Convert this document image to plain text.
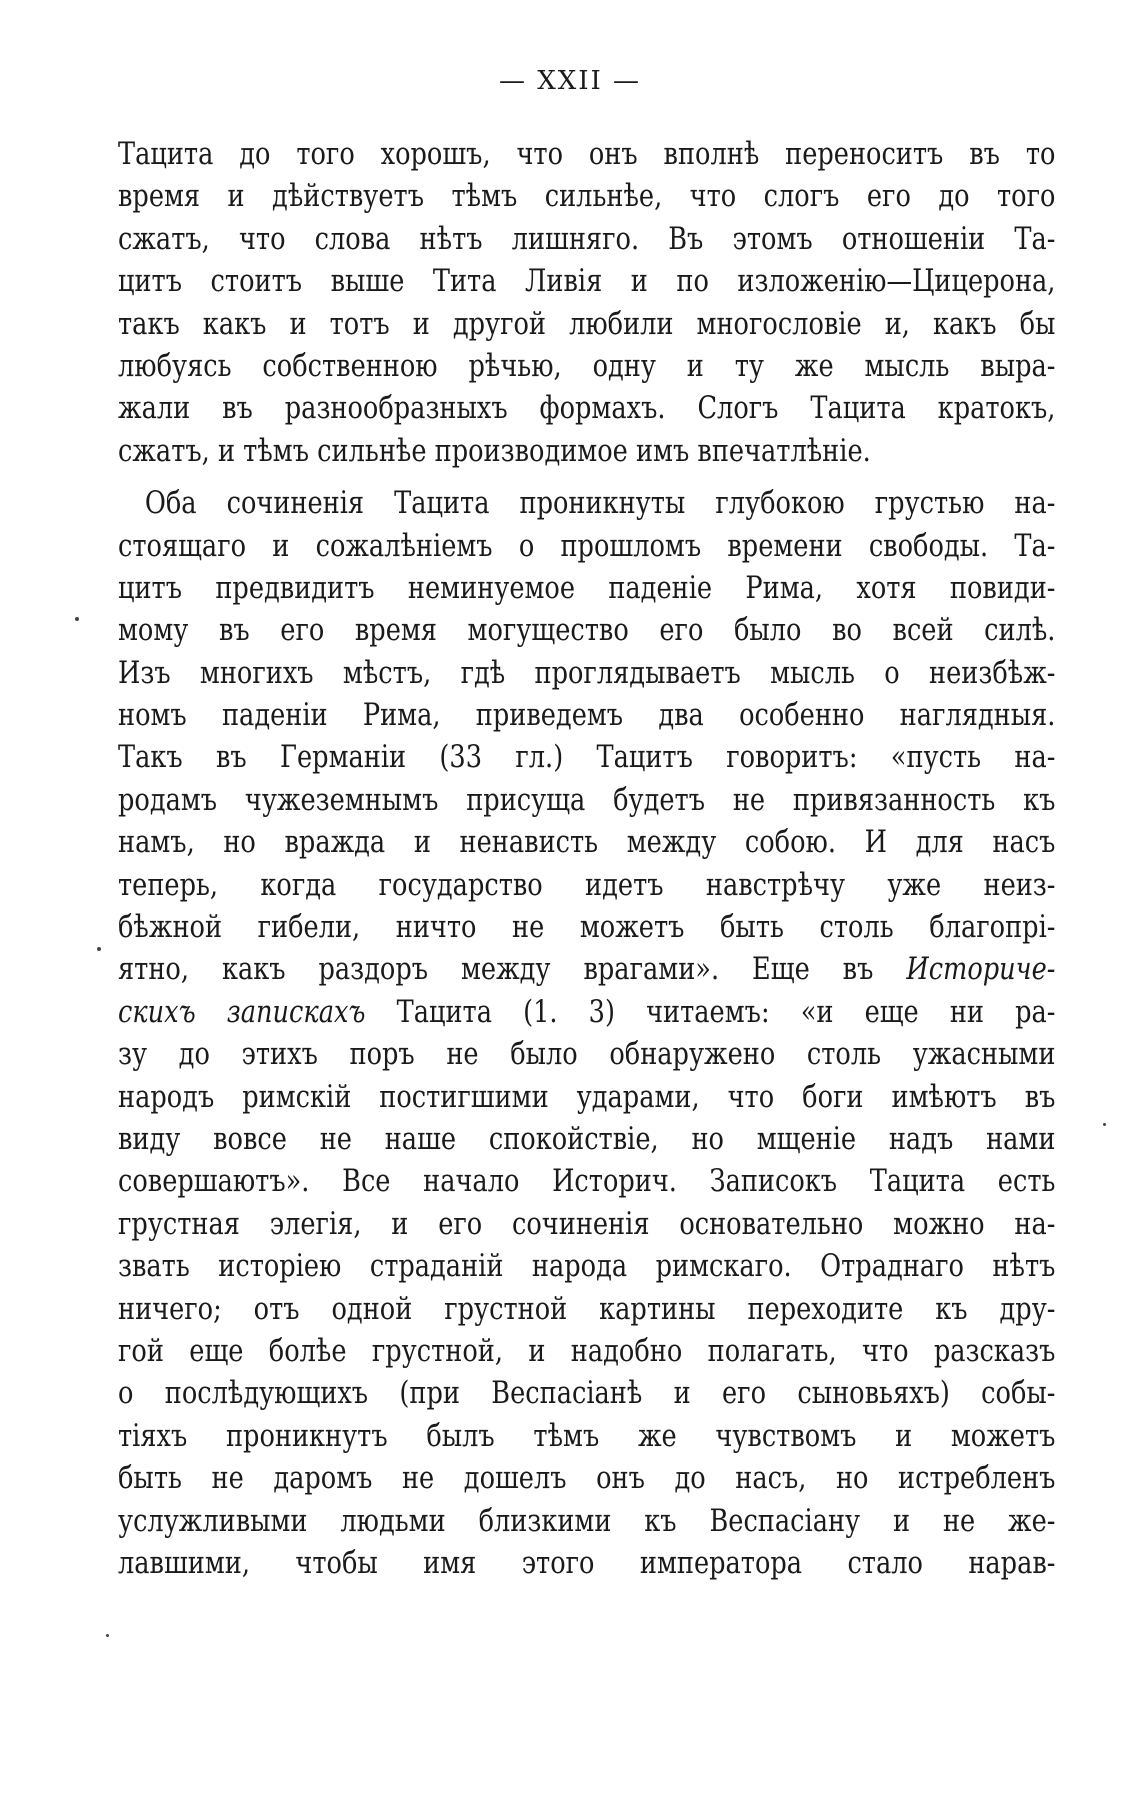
— XXII —
Тацита до того хорошъ, что онъ вполнѣ переноситъ въ то
время и дѣйствуетъ тѣмъ сильнѣе, что слогъ его до того
сжатъ, что слова нѣтъ лишняго. Въ этомъ отношеніи Та-
цитъ стоитъ выше Тита Ливія и по изложенію—Цицерона,
такъ какъ и тотъ и другой любили многословіе и, какъ бы
любуясь собственною рѣчью, одну и ту же мысль выра-
жали въ разнообразныхъ формахъ. Слогъ Тацита кратокъ,
сжатъ, и тѣмъ сильнѣе производимое имъ впечатлѣніе.
Оба сочиненія Тацита проникнуты глубокою грустью на-
стоящаго и сожалѣніемъ о прошломъ времени свободы. Та-
цитъ предвидитъ неминуемое паденіе Рима, хотя повиди-
мому въ его время могущество его было во всей силѣ.
Изъ многихъ мѣстъ, гдѣ проглядываетъ мысль о неизбѣж-
номъ паденіи Рима, приведемъ два особенно наглядныя.
Такъ въ Германіи (33 гл.) Тацитъ говоритъ: «пусть на-
родамъ чужеземнымъ присуща будетъ не привязанность къ
намъ, но вражда и ненависть между собою. И для насъ
теперь, когда государство идетъ навстрѣчу уже неиз-
бѣжной гибели, ничто не можетъ быть столь благопрі-
ятно, какъ раздоръ между врагами». Еще въ Историче-
скихъ запискахъ Тацита (1. 3) читаемъ: «и еще ни ра-
зу до этихъ поръ не было обнаружено столь ужасными
народъ римскій постигшими ударами, что боги имѣютъ въ
виду вовсе не наше спокойствіе, но мщеніе надъ нами
совершаютъ». Все начало Историч. Записокъ Тацита есть
грустная элегія, и его сочиненія основательно можно на-
звать исторіею страданій народа римскаго. Отраднаго нѣтъ
ничего; отъ одной грустной картины переходите къ дру-
гой еще болѣе грустной, и надобно полагать, что разсказъ
о послѣдующихъ (при Веспасіанѣ и его сыновьяхъ) собы-
тіяхъ проникнутъ былъ тѣмъ же чувствомъ и можетъ
быть не даромъ не дошелъ онъ до насъ, но истребленъ
услужливыми людьми близкими къ Веспасіану и не же-
лавшими, чтобы имя этого императора стало нарав-
